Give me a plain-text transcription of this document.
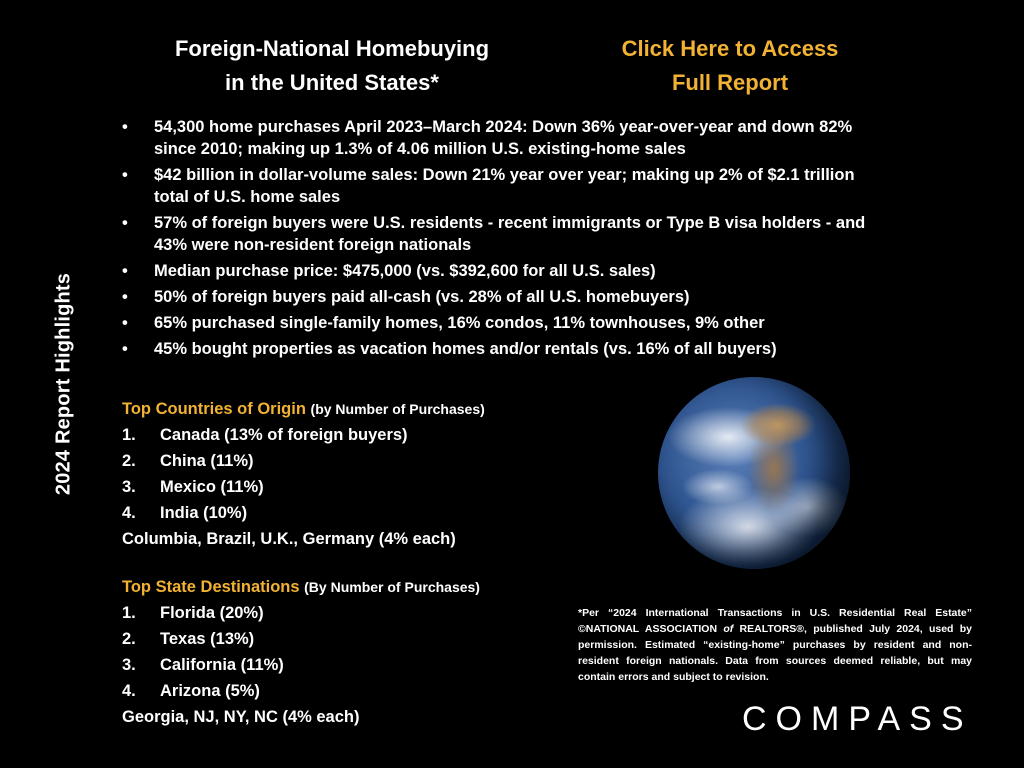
2024 Report Highlights
Foreign-National Homebuying
in the United States*
Click Here to Access
Full Report
• 54,300 home purchases April 2023–March 2024: Down 36% year-over-year and down 82% since 2010; making up 1.3% of 4.06 million U.S. existing-home sales
• $42 billion in dollar-volume sales: Down 21% year over year; making up 2% of $2.1 trillion total of U.S. home sales
• 57% of foreign buyers were U.S. residents - recent immigrants or Type B visa holders - and 43% were non-resident foreign nationals
• Median purchase price: $475,000 (vs. $392,600 for all U.S. sales)
• 50% of foreign buyers paid all-cash (vs. 28% of all U.S. homebuyers)
• 65% purchased single-family homes, 16% condos, 11% townhouses, 9% other
• 45% bought properties as vacation homes and/or rentals (vs. 16% of all buyers)
Top Countries of Origin (by Number of Purchases)
1.	Canada (13% of foreign buyers)
2.	China (11%)
3.	Mexico (11%)
4.	India (10%)
Columbia, Brazil, U.K., Germany (4% each)
Top State Destinations (By Number of Purchases)
1.	Florida (20%)
2.	Texas (13%)
3.	California (11%)
4.	Arizona (5%)
Georgia, NJ, NY, NC (4% each)
*Per “2024 International Transactions in U.S. Residential Real Estate” ©NATIONAL ASSOCIATION of REALTORS®, published July 2024, used by permission. Estimated “existing-home” purchases by resident and non-resident foreign nationals. Data from sources deemed reliable, but may contain errors and subject to revision.
COMPASS
